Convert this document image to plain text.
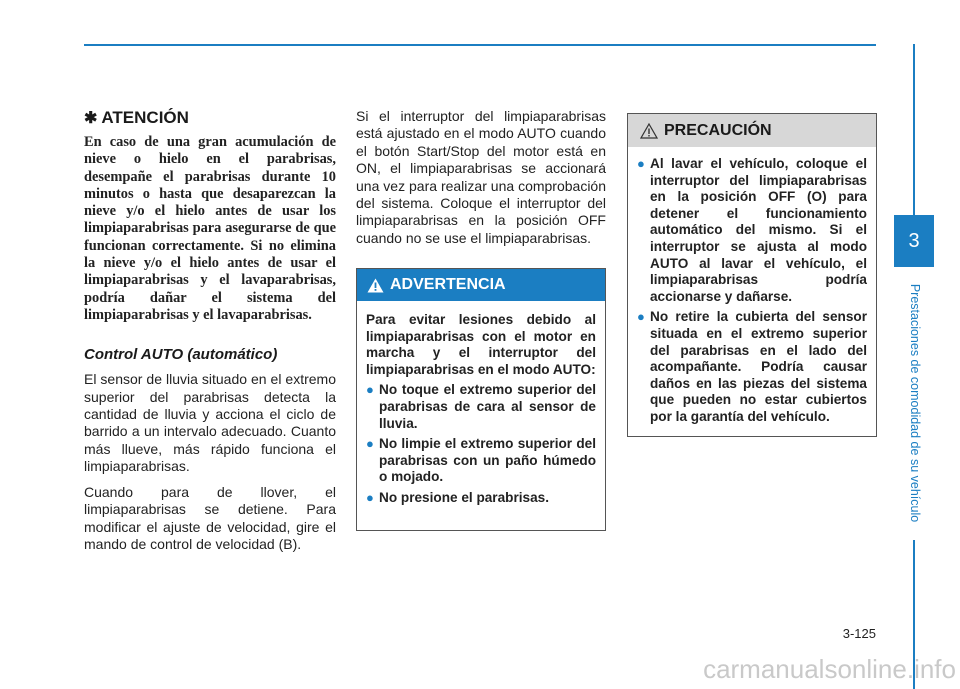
✱ ATENCIÓN

En caso de una gran acumulación de nieve o hielo en el parabrisas, desempañe el parabrisas durante 10 minutos o hasta que desaparezcan la nieve y/o el hielo antes de usar los limpiaparabrisas para asegurarse de que funcionan correctamente. Si no elimina la nieve y/o el hielo antes de usar el limpiaparabrisas y el lavaparabrisas, podría dañar el sistema del limpiaparabrisas y el lavaparabrisas.

Control AUTO (automático)

El sensor de lluvia situado en el extremo superior del parabrisas detecta la cantidad de lluvia y acciona el ciclo de barrido a un intervalo adecuado. Cuanto más llueve, más rápido funciona el limpiaparabrisas.

Cuando para de llover, el limpiaparabrisas se detiene. Para modificar el ajuste de velocidad, gire el mando de control de velocidad (B).

Si el interruptor del limpiaparabrisas está ajustado en el modo AUTO cuando el botón Start/Stop del motor está en ON, el limpiaparabrisas se accionará una vez para realizar una comprobación del sistema. Coloque el interruptor del limpiaparabrisas en la posición OFF cuando no se use el limpiaparabrisas.

ADVERTENCIA

Para evitar lesiones debido al limpiaparabrisas con el motor en marcha y el interruptor del limpiaparabrisas en el modo AUTO:

● No toque el extremo superior del parabrisas de cara al sensor de lluvia.
● No limpie el extremo superior del parabrisas con un paño húmedo o mojado.
● No presione el parabrisas.
PRECAUCIÓN
● Al lavar el vehículo, coloque el interruptor del limpiaparabrisas en la posición OFF (O) para detener el funcionamiento automático del mismo. Si el interruptor se ajusta al modo AUTO al lavar el vehículo, el limpiaparabrisas podría accionarse y dañarse.
● No retire la cubierta del sensor situada en el extremo superior del parabrisas en el lado del acompañante. Podría causar daños en las piezas del sistema que pueden no estar cubiertos por la garantía del vehículo.
3
Prestaciones de comodidad de su vehículo
3-125
carmanualsonline.info
